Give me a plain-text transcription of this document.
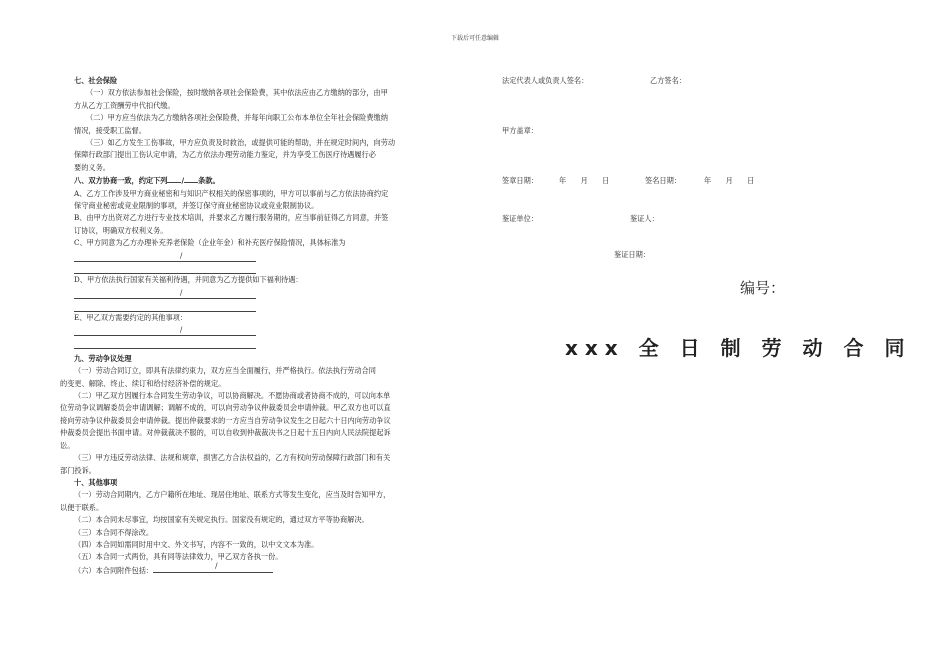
下载后可任意编辑

七、社会保险

（一）双方依法参加社会保险，按时缴纳各项社会保险费，其中依法应由乙方缴纳的部分，由甲

方从乙方工资酬劳中代扣代缴。

（二）甲方应当依法为乙方缴纳各项社会保险费，并每年向职工公布本单位全年社会保险费缴纳

情况，接受职工监督。

（三）如乙方发生工伤事故，甲方应负责及时救治，或提供可能的帮助，并在规定时间内，向劳动

保障行政部门提出工伤认定申请，为乙方依法办理劳动能力鉴定，并为享受工伤医疗待遇履行必

要的义务。

八、双方协商一致，约定下列 / 条款。

A、乙方工作涉及甲方商业秘密和与知识产权相关的保密事项的，甲方可以事前与乙方依法协商约定

保守商业秘密或竞业限制的事项，并签订保守商业秘密协议或竞业限制协议。

B、由甲方出资对乙方进行专业技术培训，并要求乙方履行服务期的，应当事前征得乙方同意，并签

订协议，明确双方权利义务。

C、甲方同意为乙方办理补充养老保险（企业年金）和补充医疗保险情况，具体标准为

/

D、甲方依法执行国家有关福利待遇，并同意为乙方提供如下福利待遇：

/

E、甲乙双方需要约定的其他事项：

/

九、劳动争议处理

（一）劳动合同订立，即具有法律约束力，双方应当全面履行，并严格执行。依法执行劳动合同

的变更、解除、终止、续订和给付经济补偿的规定。

（二）甲乙双方因履行本合同发生劳动争议，可以协商解决。不愿协商或者协商不成的，可以向本单

位劳动争议调解委员会申请调解；调解不成的，可以向劳动争议仲裁委员会申请仲裁。甲乙双方也可以直

接向劳动争议仲裁委员会申请仲裁。提出仲裁要求的一方应当自劳动争议发生之日起六十日内向劳动争议

仲裁委员会提出书面申请。对仲裁裁决不服的，可以自收到仲裁裁决书之日起十五日内向人民法院提起诉

讼。

（三）甲方违反劳动法律、法规和规章，损害乙方合法权益的，乙方有权向劳动保障行政部门和有关

部门投诉。

十、其他事项

（一）劳动合同期内，乙方户籍所在地址、现居住地址、联系方式等发生变化，应当及时告知甲方，

以便于联系。

（二）本合同未尽事宜，均按国家有关规定执行。国家没有规定的，通过双方平等协商解决。

（三）本合同不得涂改。

（四）本合同如需同时用中文、外文书写，内容不一致的，以中文文本为准。

（五）本合同一式两份，具有同等法律效力，甲乙双方各执一份。

（六）本合同附件包括：	/

法定代表人或负责人签名：	乙方签名：
甲方盖章：
签章日期：	年　　月　　日	签名日期：	年　　月　　日
鉴证单位：	鉴证人：
鉴证日期：
编号：
xxx 全 日 制 劳 动 合 同
